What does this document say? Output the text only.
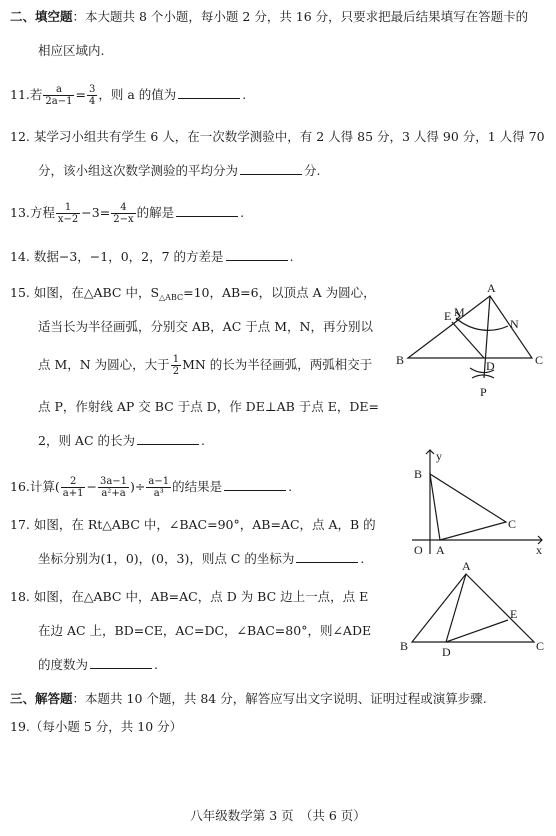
二、填空题：本大题共 8 个小题，每小题 2 分，共 16 分，只要求把最后结果填写在答题卡的
相应区域内.
11.若 $\frac{a}{2a-1} = \frac{3}{4}$ ，则 a 的值为	.
12. 某学习小组共有学生 6 人，在一次数学测验中，有 2 人得 85 分，3 人得 90 分，1 人得 70
分，该小组这次数学测验的平均分为	分.
13.方程 $\frac{1}{x-2} -3= \frac{4}{2-x}$ 的解是	.
14. 数据−3，−1，0，2，7 的方差是	.
15. 如图，在△ABC 中，$S_{\triangle ABC}=10$，AB=6，以顶点 A 为圆心，
适当长为半径画弧，分别交 AB，AC 于点 M，N，再分别以
点 M，N 为圆心，大于 $\frac{1}{2}$ MN 的长为半径画弧，两弧相交于
点 P，作射线 AP 交 BC 于点 D，作 DE⊥AB 于点 E，DE=
2，则 AC 的长为	.
A
B	C
D
E M
N
P
16.计算( $\frac{2}{a+1} - \frac{3a-1}{\text{a²+a}}$ )÷ $\frac{a-1}{\text{a³}}$ 的结果是	.
17. 如图，在 Rt△ABC 中，∠BAC=90°，AB=AC，点 A，B 的
坐标分别为(1，0)，(0，3)，则点 C 的坐标为	.
y
x
O A
B
C
18. 如图，在△ABC 中，AB=AC，点 D 为 BC 边上一点，点 E
在边 AC 上，BD=CE，AC=DC，∠BAC=80°，则∠ADE
的度数为	.
A
B	C
D
E
三、解答题：本题共 10 个题，共 84 分，解答应写出文字说明、证明过程或演算步骤.
19.（每小题 5 分，共 10 分）
八年级数学第 3 页　（共 6 页）
